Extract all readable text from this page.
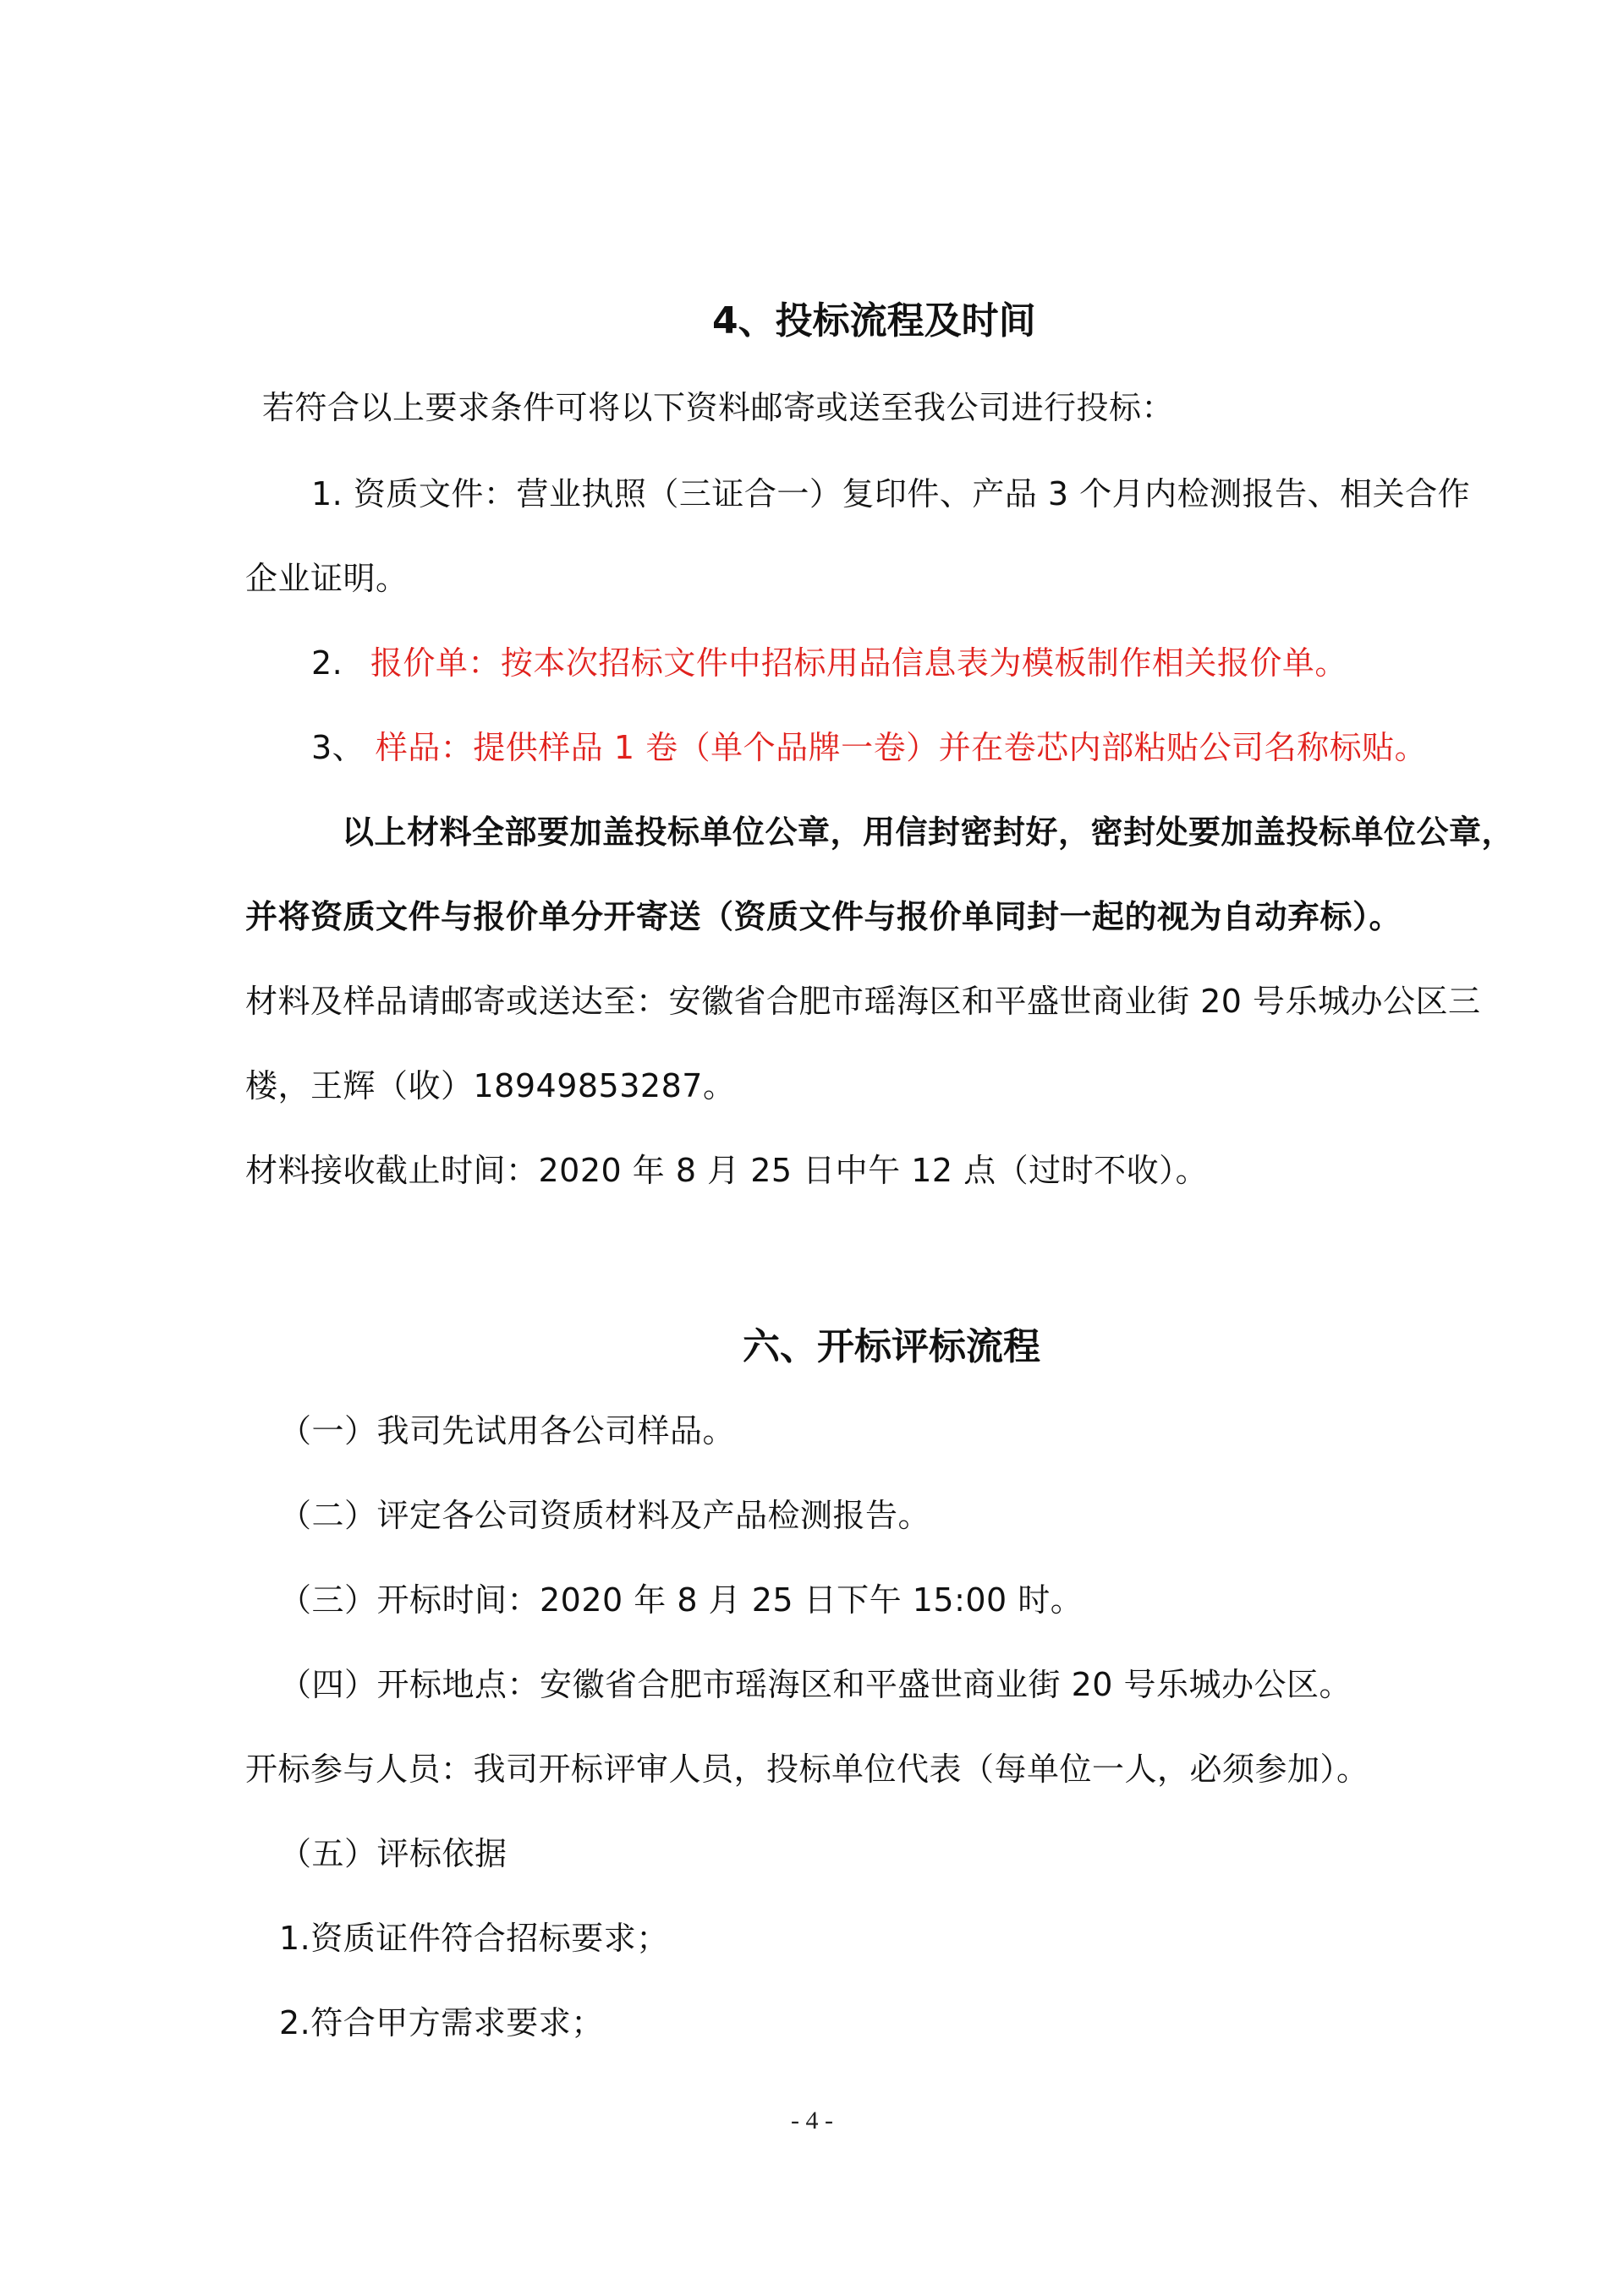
4、投标流程及时间
若符合以上要求条件可将以下资料邮寄或送至我公司进行投标：
1. 资质文件：营业执照（三证合一）复印件、产品 3 个月内检测报告、相关合作
企业证明。
2. 报价单：按本次招标文件中招标用品信息表为模板制作相关报价单。
3、 样品：提供样品 1 卷（单个品牌一卷）并在卷芯内部粘贴公司名称标贴。
以上材料全部要加盖投标单位公章，用信封密封好，密封处要加盖投标单位公章，
并将资质文件与报价单分开寄送（资质文件与报价单同封一起的视为自动弃标）。
材料及样品请邮寄或送达至：安徽省合肥市瑶海区和平盛世商业街 20 号乐城办公区三
楼，王辉（收）18949853287。
材料接收截止时间：2020 年 8 月 25 日中午 12 点（过时不收）。
六、开标评标流程
（一）我司先试用各公司样品。
（二）评定各公司资质材料及产品检测报告。
（三）开标时间：2020 年 8 月 25 日下午 15:00 时。
（四）开标地点：安徽省合肥市瑶海区和平盛世商业街 20 号乐城办公区。
开标参与人员：我司开标评审人员，投标单位代表（每单位一人，必须参加）。
（五）评标依据
1.资质证件符合招标要求；
2.符合甲方需求要求；
- 4 -
